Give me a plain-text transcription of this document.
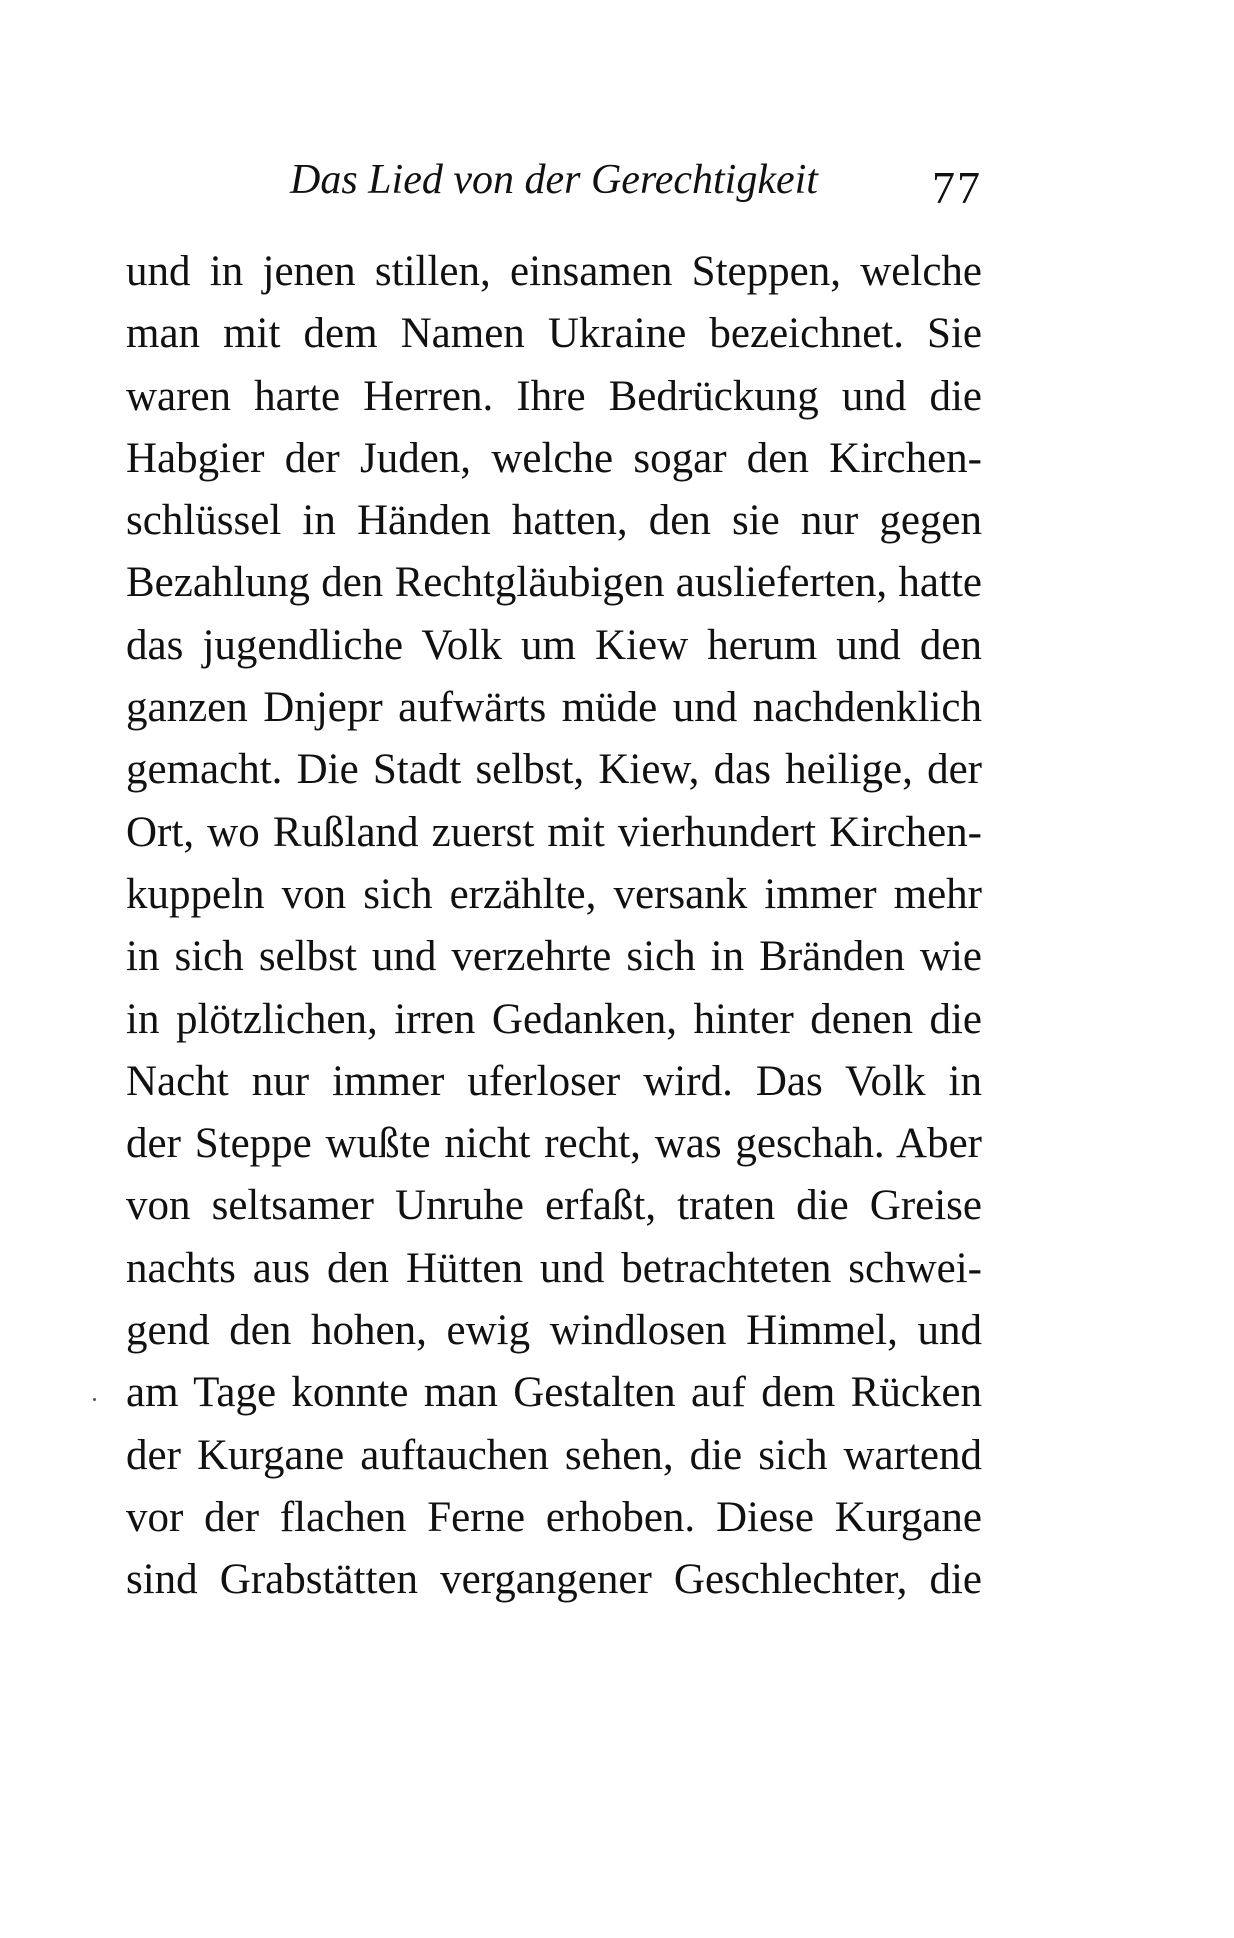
Das Lied von der Gerechtigkeit 77
und in jenen stillen, einsamen Steppen, welche
man mit dem Namen Ukraine bezeichnet. Sie
waren harte Herren. Ihre Bedrückung und die
Habgier der Juden, welche sogar den Kirchen-
schlüssel in Händen hatten, den sie nur gegen
Bezahlung den Rechtgläubigen auslieferten, hatte
das jugendliche Volk um Kiew herum und den
ganzen Dnjepr aufwärts müde und nachdenklich
gemacht. Die Stadt selbst, Kiew, das heilige, der
Ort, wo Rußland zuerst mit vierhundert Kirchen-
kuppeln von sich erzählte, versank immer mehr
in sich selbst und verzehrte sich in Bränden wie
in plötzlichen, irren Gedanken, hinter denen die
Nacht nur immer uferloser wird. Das Volk in
der Steppe wußte nicht recht, was geschah. Aber
von seltsamer Unruhe erfaßt, traten die Greise
nachts aus den Hütten und betrachteten schwei-
gend den hohen, ewig windlosen Himmel, und
am Tage konnte man Gestalten auf dem Rücken
der Kurgane auftauchen sehen, die sich wartend
vor der flachen Ferne erhoben. Diese Kurgane
sind Grabstätten vergangener Geschlechter, die
